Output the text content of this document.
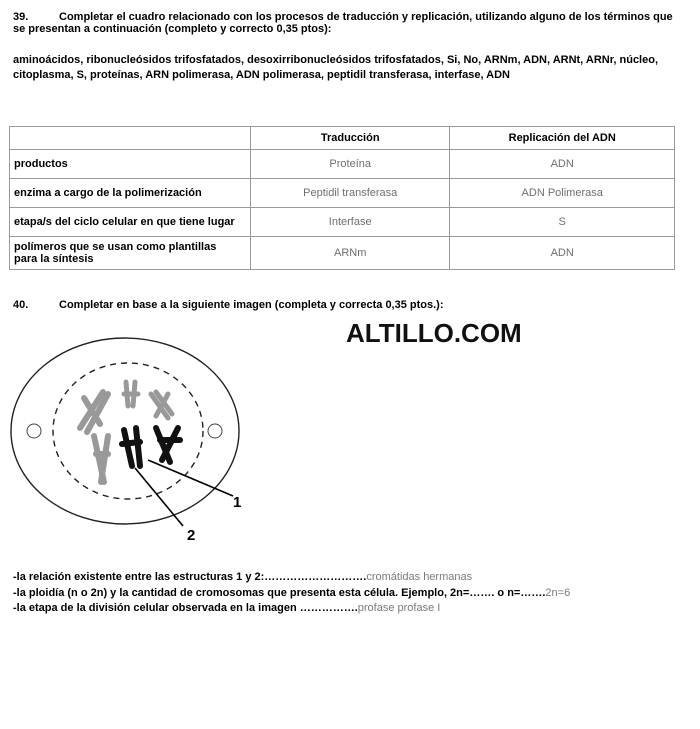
39.	Completar el cuadro relacionado con los procesos de traducción y replicación, utilizando alguno de los términos que
se presentan a continuación (completo y correcto 0,35 ptos):
aminoácidos, ribonucleósidos trifosfatados, desoxirribonucleósidos trifosfatados, Si, No, ARNm, ADN, ARNt, ARNr, núcleo,
citoplasma, S, proteínas, ARN polimerasa, ADN polimerasa, peptidil transferasa, interfase, ADN
	Traducción	Replicación del ADN
productos	Proteína	ADN
enzima a cargo de la polimerización	Peptidil transferasa	ADN Polimerasa
etapa/s del ciclo celular en que tiene lugar	Interfase	S
polímeros que se usan como plantillas
para la síntesis	ARNm	ADN
40.	Completar en base a la siguiente imagen (completa y correcta 0,35 ptos.):
ALTILLO.COM
1
2
-la relación existente entre las estructuras 1 y 2:……………………….cromátidas hermanas
-la ploidía (n o 2n) y la cantidad de cromosomas que presenta esta célula. Ejemplo, 2n=……. o n=…….2n=6
-la etapa de la división celular observada en la imagen …………….profase profase I
